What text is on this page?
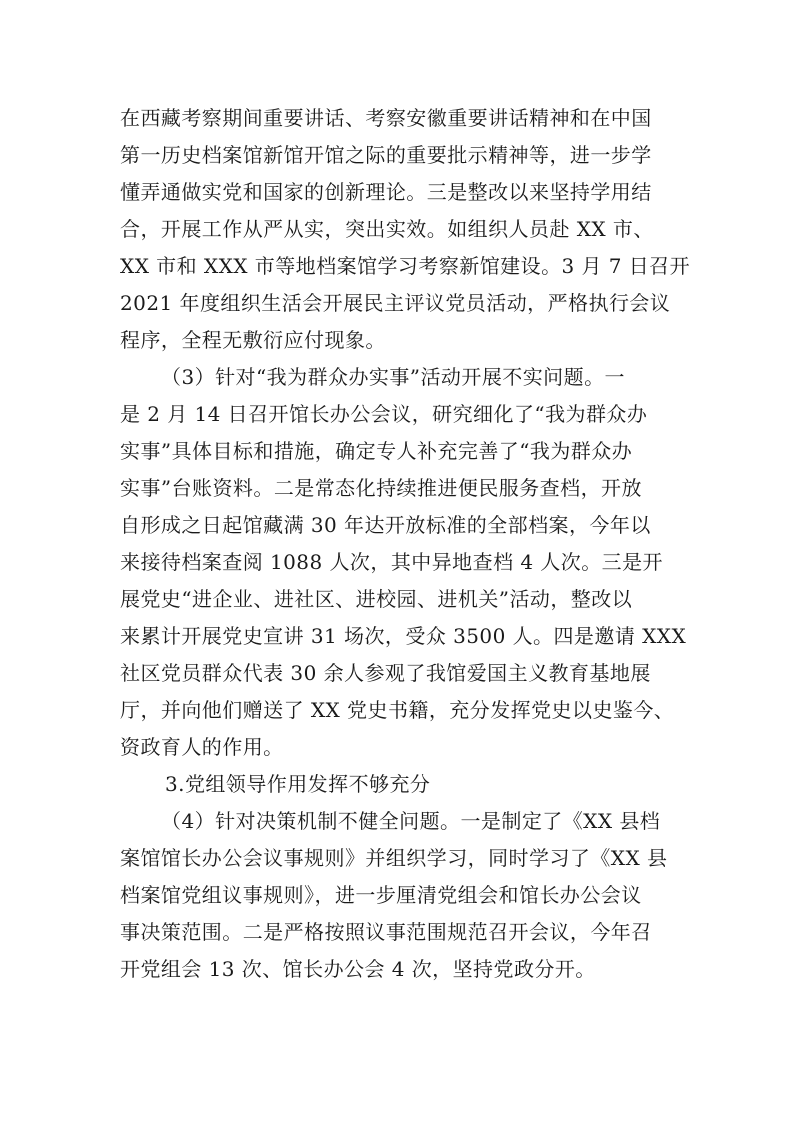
在西藏考察期间重要讲话、考察安徽重要讲话精神和在中国
第一历史档案馆新馆开馆之际的重要批示精神等，进一步学
懂弄通做实党和国家的创新理论。三是整改以来坚持学用结
合，开展工作从严从实，突出实效。如组织人员赴 XX 市、
XX 市和 XXX 市等地档案馆学习考察新馆建设。3 月 7 日召开
2021 年度组织生活会开展民主评议党员活动，严格执行会议
程序，全程无敷衍应付现象。
（3）针对“我为群众办实事”活动开展不实问题。一
是 2 月 14 日召开馆长办公会议，研究细化了“我为群众办
实事”具体目标和措施，确定专人补充完善了“我为群众办
实事”台账资料。二是常态化持续推进便民服务查档，开放
自形成之日起馆藏满 30 年达开放标准的全部档案，今年以
来接待档案查阅 1088 人次，其中异地查档 4 人次。三是开
展党史“进企业、进社区、进校园、进机关”活动，整改以
来累计开展党史宣讲 31 场次，受众 3500 人。四是邀请 XXX
社区党员群众代表 30 余人参观了我馆爱国主义教育基地展
厅，并向他们赠送了 XX 党史书籍，充分发挥党史以史鉴今、
资政育人的作用。
3.党组领导作用发挥不够充分
（4）针对决策机制不健全问题。一是制定了《XX 县档
案馆馆长办公会议事规则》并组织学习，同时学习了《XX 县
档案馆党组议事规则》，进一步厘清党组会和馆长办公会议
事决策范围。二是严格按照议事范围规范召开会议，今年召
开党组会 13 次、馆长办公会 4 次，坚持党政分开。
